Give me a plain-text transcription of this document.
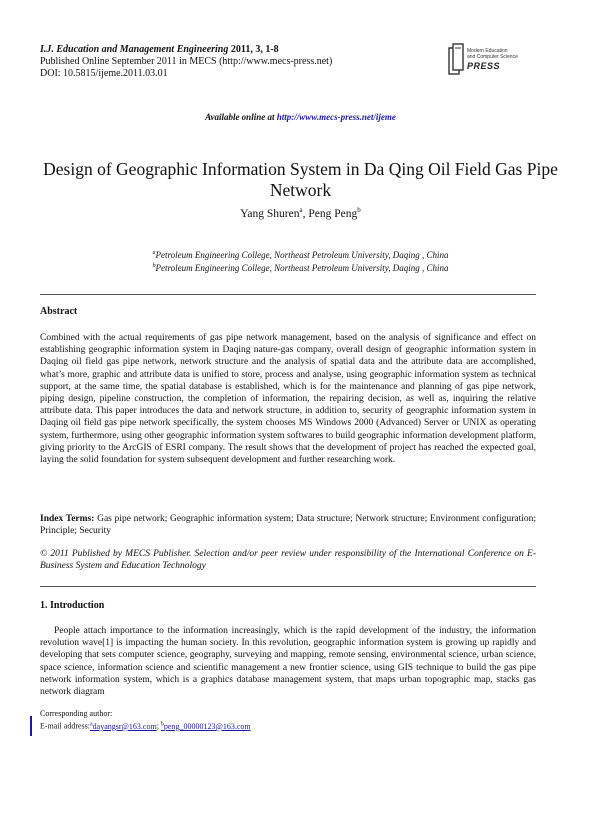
I.J. Education and Management Engineering 2011, 3, 1-8
Published Online September 2011 in MECS (http://www.mecs-press.net)
DOI: 10.5815/ijeme.2011.03.01
Modern Education
and Computer Science
PRESS
Available online at http://www.mecs-press.net/ijeme
Design of Geographic Information System in Da Qing Oil Field Gas Pipe Network
Yang Shuren$^a$, Peng Peng$^b$
$^a$Petroleum Engineering College, Northeast Petroleum University, Daqing , China
$^b$Petroleum Engineering College, Northeast Petroleum University, Daqing , China
Abstract
Combined with the actual requirements of gas pipe network management, based on the analysis of significance and effect on establishing geographic information system in Daqing nature-gas company, overall design of geographic information system in Daqing oil field gas pipe network, network structure and the analysis of spatial data and the attribute data are accomplished, what’s more, graphic and attribute data is unified to store, process and analyse, using geographic information system as technical support, at the same time, the spatial database is established, which is for the maintenance and planning of gas pipe network, piping design, pipeline construction, the completion of information, the repairing decision, as well as, inquiring the relative attribute data. This paper introduces the data and network structure, in addition to, security of geographic information system in Daqing oil field gas pipe network specifically, the system chooses MS Windows 2000 (Advanced) Server or UNIX as operating system, furthermore, using other geographic information system softwares to build geographic information development platform, giving priority to the ArcGIS of ESRI company. The result shows that the development of project has reached the expected goal, laying the solid foundation for system subsequent development and further researching work.
Index Terms: Gas pipe network; Geographic information system; Data structure; Network structure; Environment configuration; Principle; Security
© 2011 Published by MECS Publisher. Selection and/or peer review under responsibility of the International Conference on E-Business System and Education Technology
1. Introduction
People attach importance to the information increasingly, which is the rapid development of the industry, the information revolution wave[1] is impacting the human society. In this revolution, geographic information system is growing up rapidly and developing that sets computer science, geography, surveying and mapping, remote sensing, environmental science, urban science, space science, information science and scientific management a new frontier science, using GIS technique to build the gas pipe network information system, which is a graphics database management system, that maps urban topographic map, stacks gas network diagram
Corresponding author:
E-mail address:$^a$dayangsr@163.com; $^b$peng_00000123@163.com
